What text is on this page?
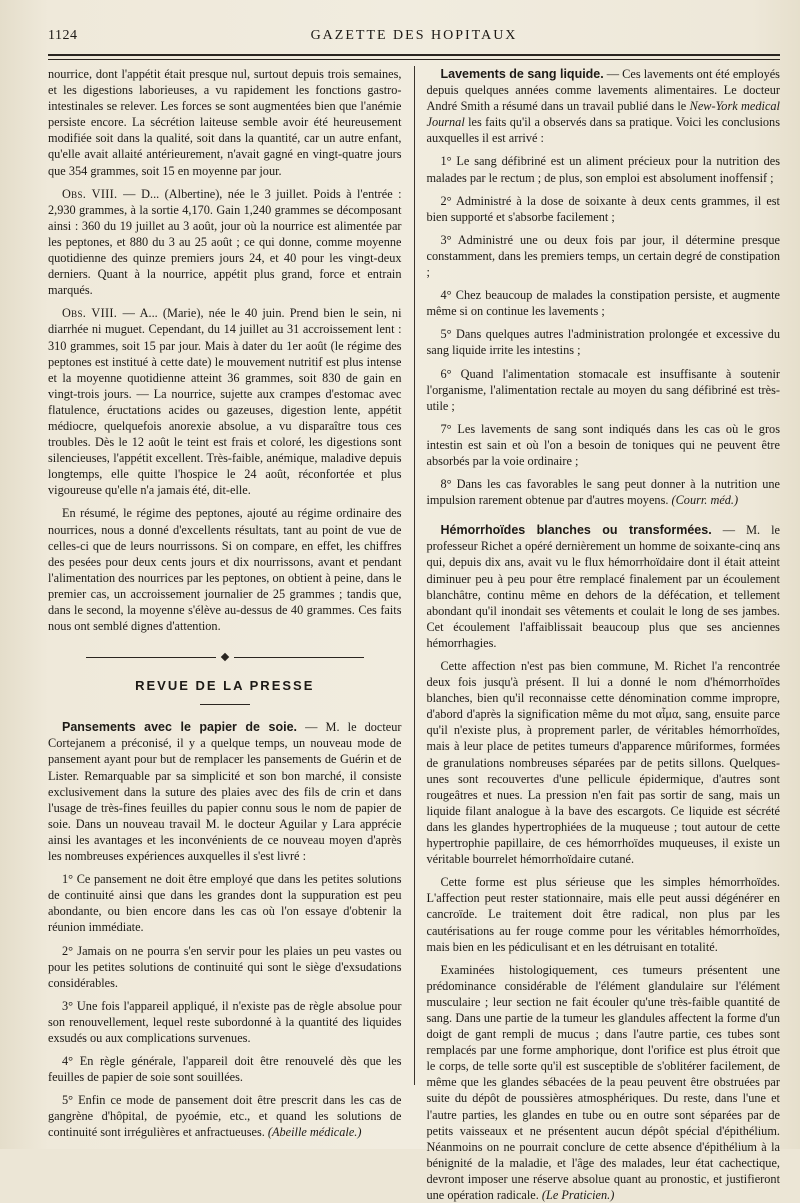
1124	GAZETTE DES HOPITAUX

nourrice, dont l'appétit était presque nul, surtout depuis trois semaines, et les digestions laborieuses, a vu rapidement les fonctions gastro-intestinales se relever. Les forces se sont augmentées bien que l'anémie persiste encore. La sécrétion laiteuse semble avoir été heureusement modifiée soit dans la qualité, soit dans la quantité, car un autre enfant, qu'elle avait allaité antérieurement, n'avait gagné en vingt-quatre jours que 354 grammes, soit 15 en moyenne par jour.

Obs. VIII. — D... (Albertine), née le 3 juillet. Poids à l'entrée : 2,930 grammes, à la sortie 4,170. Gain 1,240 grammes se décomposant ainsi : 360 du 19 juillet au 3 août, jour où la nourrice est alimentée par les peptones, et 880 du 3 au 25 août ; ce qui donne, comme moyenne quotidienne des quinze premiers jours 24, et 40 pour les vingt-deux derniers. Quant à la nourrice, appétit plus grand, force et entrain marqués.

Obs. VIII. — A... (Marie), née le 40 juin. Prend bien le sein, ni diarrhée ni muguet. Cependant, du 14 juillet au 31 accroissement lent : 310 grammes, soit 15 par jour. Mais à dater du 1er août (le régime des peptones est institué à cette date) le mouvement nutritif est plus intense et la moyenne quotidienne atteint 36 grammes, soit 830 de gain en vingt-trois jours. — La nourrice, sujette aux crampes d'estomac avec flatulence, éructations acides ou gazeuses, digestion lente, appétit médiocre, quelquefois anorexie absolue, a vu disparaître tous ces troubles. Dès le 12 août le teint est frais et coloré, les digestions sont silencieuses, l'appétit excellent. Très-faible, anémique, maladive depuis longtemps, elle quitte l'hospice le 24 août, réconfortée et plus vigoureuse qu'elle n'a jamais été, dit-elle.

En résumé, le régime des peptones, ajouté au régime ordinaire des nourrices, nous a donné d'excellents résultats, tant au point de vue de celles-ci que de leurs nourrissons. Si on compare, en effet, les chiffres des pesées pour deux cents jours et dix nourrissons, avant et pendant l'alimentation des nourrices par les peptones, on obtient à peine, dans le premier cas, un accroissement journalier de 25 grammes ; tandis que, dans le second, la moyenne s'élève au-dessus de 40 grammes. Ces faits nous ont semblé dignes d'attention.

REVUE DE LA PRESSE

Pansements avec le papier de soie. — M. le docteur Cortejanem a préconisé, il y a quelque temps, un nouveau mode de pansement ayant pour but de remplacer les pansements de Guérin et de Lister. Remarquable par sa simplicité et son bon marché, il consiste exclusivement dans la suture des plaies avec des fils de crin et dans l'usage de très-fines feuilles du papier connu sous le nom de papier de soie. Dans un nouveau travail M. le docteur Aguilar y Lara apprécie ainsi les avantages et les inconvénients de ce nouveau moyen d'après les nombreuses expériences auxquelles il s'est livré :

1° Ce pansement ne doit être employé que dans les petites solutions de continuité ainsi que dans les grandes dont la suppuration est peu abondante, ou bien encore dans les cas où l'on essaye d'obtenir la réunion immédiate.

2° Jamais on ne pourra s'en servir pour les plaies un peu vastes ou pour les petites solutions de continuité qui sont le siège d'exsudations considérables.

3° Une fois l'appareil appliqué, il n'existe pas de règle absolue pour son renouvellement, lequel reste subordonné à la quantité des liquides exsudés ou aux complications survenues.

4° En règle générale, l'appareil doit être renouvelé dès que les feuilles de papier de soie sont souillées.

5° Enfin ce mode de pansement doit être prescrit dans les cas de gangrène d'hôpital, de pyoémie, etc., et quand les solutions de continuité sont irrégulières et anfractueuses. (Abeille médicale.)

Lavements de sang liquide. — Ces lavements ont été employés depuis quelques années comme lavements alimentaires. Le docteur André Smith a résumé dans un travail publié dans le New-York medical Journal les faits qu'il a observés dans sa pratique. Voici les conclusions auxquelles il est arrivé :

1° Le sang défibriné est un aliment précieux pour la nutrition des malades par le rectum ; de plus, son emploi est absolument inoffensif ;

2° Administré à la dose de soixante à deux cents grammes, il est bien supporté et s'absorbe facilement ;

3° Administré une ou deux fois par jour, il détermine presque constamment, dans les premiers temps, un certain degré de constipation ;

4° Chez beaucoup de malades la constipation persiste, et augmente même si on continue les lavements ;

5° Dans quelques autres l'administration prolongée et excessive du sang liquide irrite les intestins ;

6° Quand l'alimentation stomacale est insuffisante à soutenir l'organisme, l'alimentation rectale au moyen du sang défibriné est très-utile ;

7° Les lavements de sang sont indiqués dans les cas où le gros intestin est sain et où l'on a besoin de toniques qui ne peuvent être absorbés par la voie ordinaire ;

8° Dans les cas favorables le sang peut donner à la nutrition une impulsion rarement obtenue par d'autres moyens. (Courr. méd.)

Hémorrhoïdes blanches ou transformées. — M. le professeur Richet a opéré dernièrement un homme de soixante-cinq ans qui, depuis dix ans, avait vu le flux hémorrhoïdaire dont il était atteint diminuer peu à peu pour être remplacé finalement par un écoulement blanchâtre, continu même en dehors de la défécation, et tellement abondant qu'il inondait ses vêtements et coulait le long de ses jambes. Cet écoulement l'affaiblissait beaucoup plus que ses anciennes hémorrhagies.

Cette affection n'est pas bien commune, M. Richet l'a rencontrée deux fois jusqu'à présent. Il lui a donné le nom d'hémorrhoïdes blanches, bien qu'il reconnaisse cette dénomination comme impropre, d'abord d'après la signification même du mot αἷμα, sang, ensuite parce qu'il n'existe plus, à proprement parler, de véritables hémorrhoïdes, mais à leur place de petites tumeurs d'apparence mûriformes, formées de granulations nombreuses séparées par de petits sillons. Quelques-unes sont recouvertes d'une pellicule épidermique, d'autres sont rougeâtres et nues. La pression n'en fait pas sortir de sang, mais un liquide filant analogue à la bave des escargots. Ce liquide est sécrété dans les glandes hypertrophiées de la muqueuse ; tout autour de cette hypertrophie papillaire, de ces hémorrhoïdes muqueuses, il existe un véritable bourrelet hémorrhoïdaire cutané.

Cette forme est plus sérieuse que les simples hémorrhoïdes. L'affection peut rester stationnaire, mais elle peut aussi dégénérer en cancroïde. Le traitement doit être radical, non plus par les cautérisations au fer rouge comme pour les véritables hémorrhoïdes, mais bien en les pédiculisant et en les détruisant en totalité.

Examinées histologiquement, ces tumeurs présentent une prédominance considérable de l'élément glandulaire sur l'élément musculaire ; leur section ne fait écouler qu'une très-faible quantité de sang. Dans une partie de la tumeur les glandules affectent la forme d'un doigt de gant rempli de mucus ; dans l'autre partie, ces tubes sont remplacés par une forme amphorique, dont l'orifice est plus étroit que le corps, de telle sorte qu'il est susceptible de s'oblitérer facilement, de même que les glandes sébacées de la peau peuvent être obstruées par suite du dépôt de poussières atmosphériques. Du reste, dans l'une et l'autre parties, les glandes en tube ou en outre sont séparées par de petits vaisseaux et ne présentent aucun dépôt spécial d'épithélium. Néanmoins on ne pourrait conclure de cette absence d'épithélium à la bénignité de la maladie, et l'âge des malades, leur état cachectique, devront imposer une réserve absolue quant au pronostic, et justifieront une opération radicale. (Le Praticien.)
